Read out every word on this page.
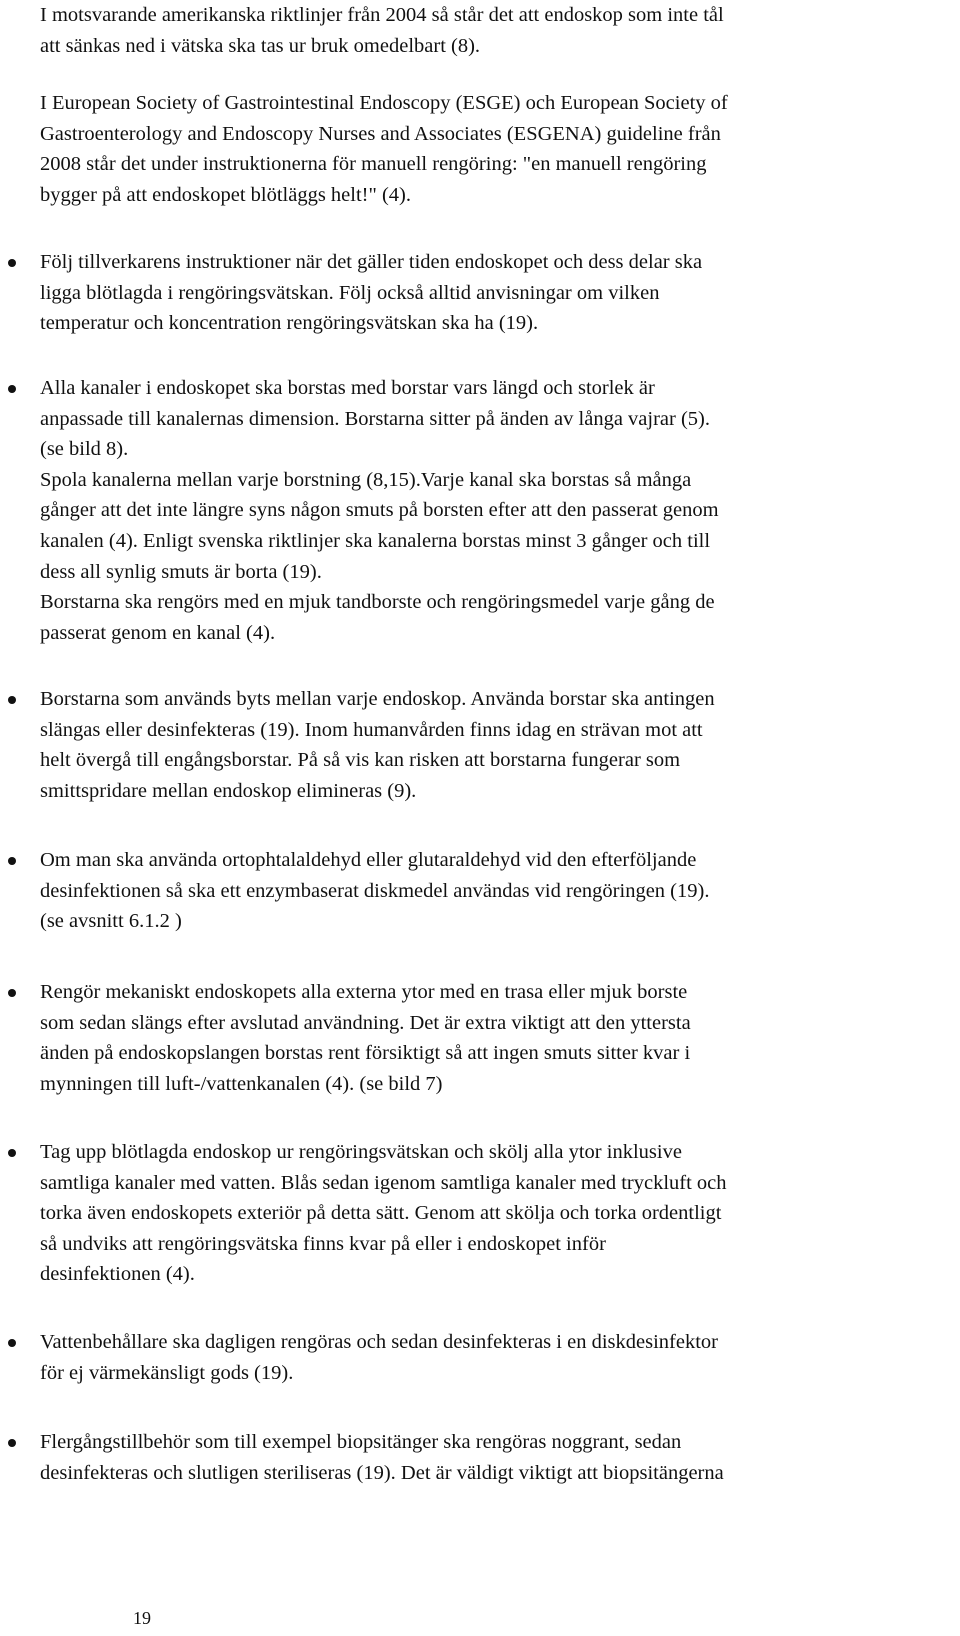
I motsvarande amerikanska riktlinjer från 2004 så står det att endoskop som inte tål
att sänkas ned i vätska ska tas ur bruk omedelbart (8).

I European Society of Gastrointestinal Endoscopy (ESGE) och European Society of
Gastroenterology and Endoscopy Nurses and Associates (ESGENA) guideline från
2008 står det under instruktionerna för manuell rengöring: "en manuell rengöring
bygger på att endoskopet blötläggs helt!" (4).

Följ tillverkarens instruktioner när det gäller tiden endoskopet och dess delar ska
ligga blötlagda i rengöringsvätskan. Följ också alltid anvisningar om vilken
temperatur och koncentration rengöringsvätskan ska ha (19).
Alla kanaler i endoskopet ska borstas med borstar vars längd och storlek är
anpassade till kanalernas dimension. Borstarna sitter på änden av långa vajrar (5).
(se bild 8).
Spola kanalerna mellan varje borstning (8,15).Varje kanal ska borstas så många
gånger att det inte längre syns någon smuts på borsten efter att den passerat genom
kanalen (4). Enligt svenska riktlinjer ska kanalerna borstas minst 3 gånger och till
dess all synlig smuts är borta (19).
Borstarna ska rengörs med en mjuk tandborste och rengöringsmedel varje gång de
passerat genom en kanal (4).
Borstarna som används byts mellan varje endoskop. Använda borstar ska antingen
slängas eller desinfekteras (19). Inom humanvården finns idag en strävan mot att
helt övergå till engångsborstar. På så vis kan risken att borstarna fungerar som
smittspridare mellan endoskop elimineras (9).
Om man ska använda ortophtalaldehyd eller glutaraldehyd vid den efterföljande
desinfektionen så ska ett enzymbaserat diskmedel användas vid rengöringen (19).
(se avsnitt 6.1.2 )
Rengör mekaniskt endoskopets alla externa ytor med en trasa eller mjuk borste
som sedan slängs efter avslutad användning. Det är extra viktigt att den yttersta
änden på endoskopslangen borstas rent försiktigt så att ingen smuts sitter kvar i
mynningen till luft-/vattenkanalen (4). (se bild 7)
Tag upp blötlagda endoskop ur rengöringsvätskan och skölj alla ytor inklusive
samtliga kanaler med vatten. Blås sedan igenom samtliga kanaler med tryckluft och
torka även endoskopets exteriör på detta sätt. Genom att skölja och torka ordentligt
så undviks att rengöringsvätska finns kvar på eller i endoskopet inför
desinfektionen (4).
Vattenbehållare ska dagligen rengöras och sedan desinfekteras i en diskdesinfektor
för ej värmekänsligt gods (19).
Flergångstillbehör som till exempel biopsitänger ska rengöras noggrant, sedan
desinfekteras och slutligen steriliseras (19). Det är väldigt viktigt att biopsitängerna
19
